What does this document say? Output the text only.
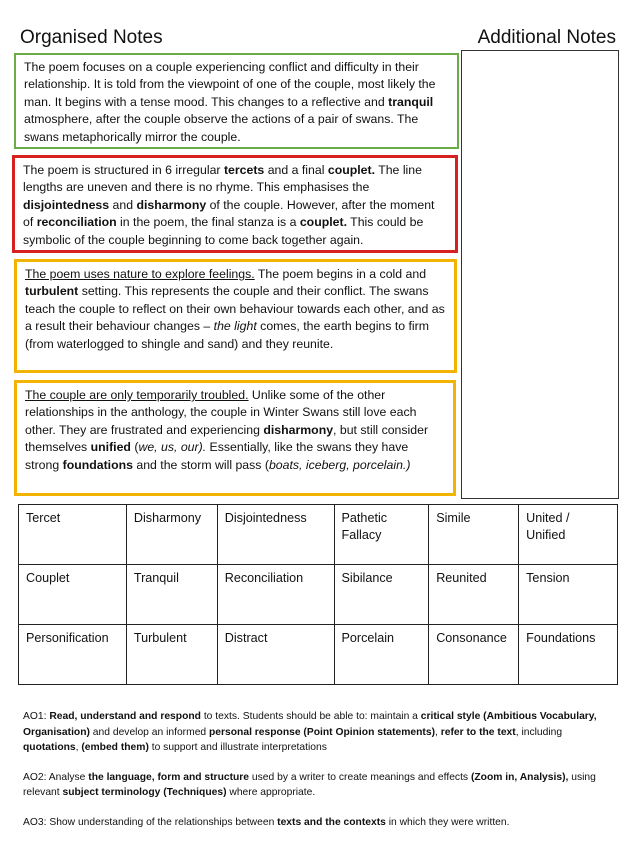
Organised Notes	Additional Notes
The poem focuses on a couple experiencing conflict and difficulty in their relationship. It is told from the viewpoint of one of the couple, most likely the man. It begins with a tense mood. This changes to a reflective and tranquil atmosphere, after the couple observe the actions of a pair of swans. The swans metaphorically mirror the couple.
The poem is structured in 6 irregular tercets and a final couplet. The line lengths are uneven and there is no rhyme. This emphasises the disjointedness and disharmony of the couple. However, after the moment of reconciliation in the poem, the final stanza is a couplet. This could be symbolic of the couple beginning to come back together again.
The poem uses nature to explore feelings. The poem begins in a cold and turbulent setting. This represents the couple and their conflict. The swans teach the couple to reflect on their own behaviour towards each other, and as a result their behaviour changes – the light comes, the earth begins to firm (from waterlogged to shingle and sand) and they reunite.
The couple are only temporarily troubled. Unlike some of the other relationships in the anthology, the couple in Winter Swans still love each other. They are frustrated and experiencing disharmony, but still consider themselves unified (we, us, our). Essentially, like the swans they have strong foundations and the storm will pass (boats, iceberg, porcelain.)
Tercet	Disharmony	Disjointedness	Pathetic Fallacy	Simile	United / Unified
Couplet	Tranquil	Reconciliation	Sibilance	Reunited	Tension
Personification	Turbulent	Distract	Porcelain	Consonance	Foundations

AO1: Read, understand and respond to texts. Students should be able to: maintain a critical style (Ambitious Vocabulary, Organisation) and develop an informed personal response (Point Opinion statements), refer to the text, including quotations, (embed them) to support and illustrate interpretations

AO2: Analyse the language, form and structure used by a writer to create meanings and effects (Zoom in, Analysis), using relevant subject terminology (Techniques) where appropriate.

AO3: Show understanding of the relationships between texts and the contexts in which they were written.
